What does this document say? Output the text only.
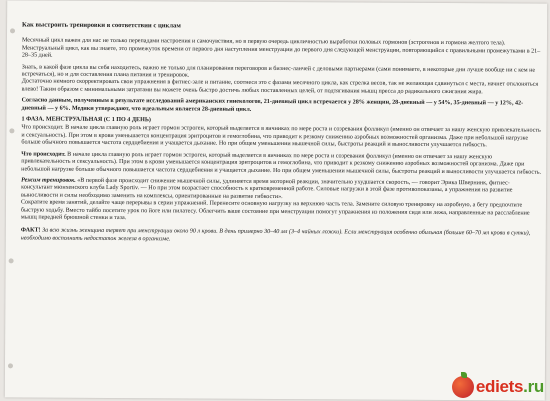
Как выстроить тренировки в соответствии с циклам

Месячный цикл важен для нас не только перепадами настроения и самочувствия, но в первую очередь цикличностью выработки половых гормонов (эстрогенов и гормона желтого тела). Менструальный цикл, как вы знаете, это промежуток времени от первого дня наступления менструации до первого дня следующей менструации, повторяющийся с правильными промежутками в 21–28–35 дней.

Знать, в какой фазе цикла вы себя находитесь, важно не только для планирования переговоров и бизнес-ланчей с деловыми партнерами (сами понимаете, в некоторые дни лучше вообще ни с кем не встречаться), но и для составления плана питания и тренировок.

Достаточно немного скорректировать свои упражнения в фитнес-зале и питание, соотнеся это с фазами месячного цикла, как стрелка весов, так не желающая сдвинуться с места, начнет отклоняться влево! Таким образом с минимальными затратами вы можете очень быстро достичь любых поставленных целей, от подтягивания мышц пресса до радикального сжигания жира.

Согласно данным, полученным в результате исследований американских гинекологов, 21-дневный цикл встречается у 28% женщин, 28-дневный — у 54%, 35-дневный — у 12%, 42-дневный — у 6%. Медики утверждают, что идеальным является 28-дневный цикл.

1 ФАЗА. МЕНСТРУАЛЬНАЯ (С 1 ПО 4 ДЕНЬ)

Что происходит. В начале цикла главную роль играет гормон эстроген, который выделяется в яичниках по мере роста и созревания фолликул (именно он отвечает за нашу женскую привлекательность и сексуальность). При этом в крови уменьшается концентрация эритроцитов и гемоглобина, что приводит к резкому снижению аэробных возможностей организма. Даже при небольшой нагрузке больше обычного повышается частота сердцебиения и учащается дыхание. Но при общем уменьшении мышечной силы, быстроты реакций и выносливости улучшается гибкость.

Что происходит. В начале цикла главную роль играет гормон эстроген, который выделяется в яичниках по мере роста и созревания фолликул (именно он отвечает за нашу женскую привлекательность и сексуальность). При этом в крови уменьшается концентрация эритроцитов и гемоглобина, что приводит к резкому снижению аэробных возможностей организма. Даже при небольшой нагрузке больше обычного повышается частота сердцебиения и учащается дыхание. Но при общем уменьшении мышечной силы, быстроты реакций и выносливости улучшается гибкость.

Режим тренировок. «В первой фазе происходит снижение мышечной силы, удлиняется время моторной реакции, значительно ухудшается скорость, — говорит Эрика Швернинк, фитнес-консультант мюнхенского клуба Lady Sportiv. — Но при этом возрастает способность к кратковременной работе. Силовые нагрузки в этой фазе противопоказаны, а упражнения на развитие выносливости и силы необходимо заменить на комплексы, ориентированные на развитие гибкости».

Сократите время занятий, делайте чаще перерывы в серии упражнений. Перенесите основную нагрузку на верхнюю часть тела. Замените силовую тренировку на аэробную, а бегу предпочтите быструю ходьбу. Вместо тайбо посетите урок по йоге или пилатесу. Облегчить ваше состояние при менструации помогут упражнения из положения сидя или лежа, направленные на расслабление мышц передней брюшной стенки и таза.

ФАКТ! За всю жизнь женщина теряет при менструации около 90 л крови. В день примерно 30–40 мл (3–4 чайных ложки). Если менструация особенно обильная (больше 60–70 мл крови в сутки), необходимо восполнить недостаток железа в организме.

ediets.ru
